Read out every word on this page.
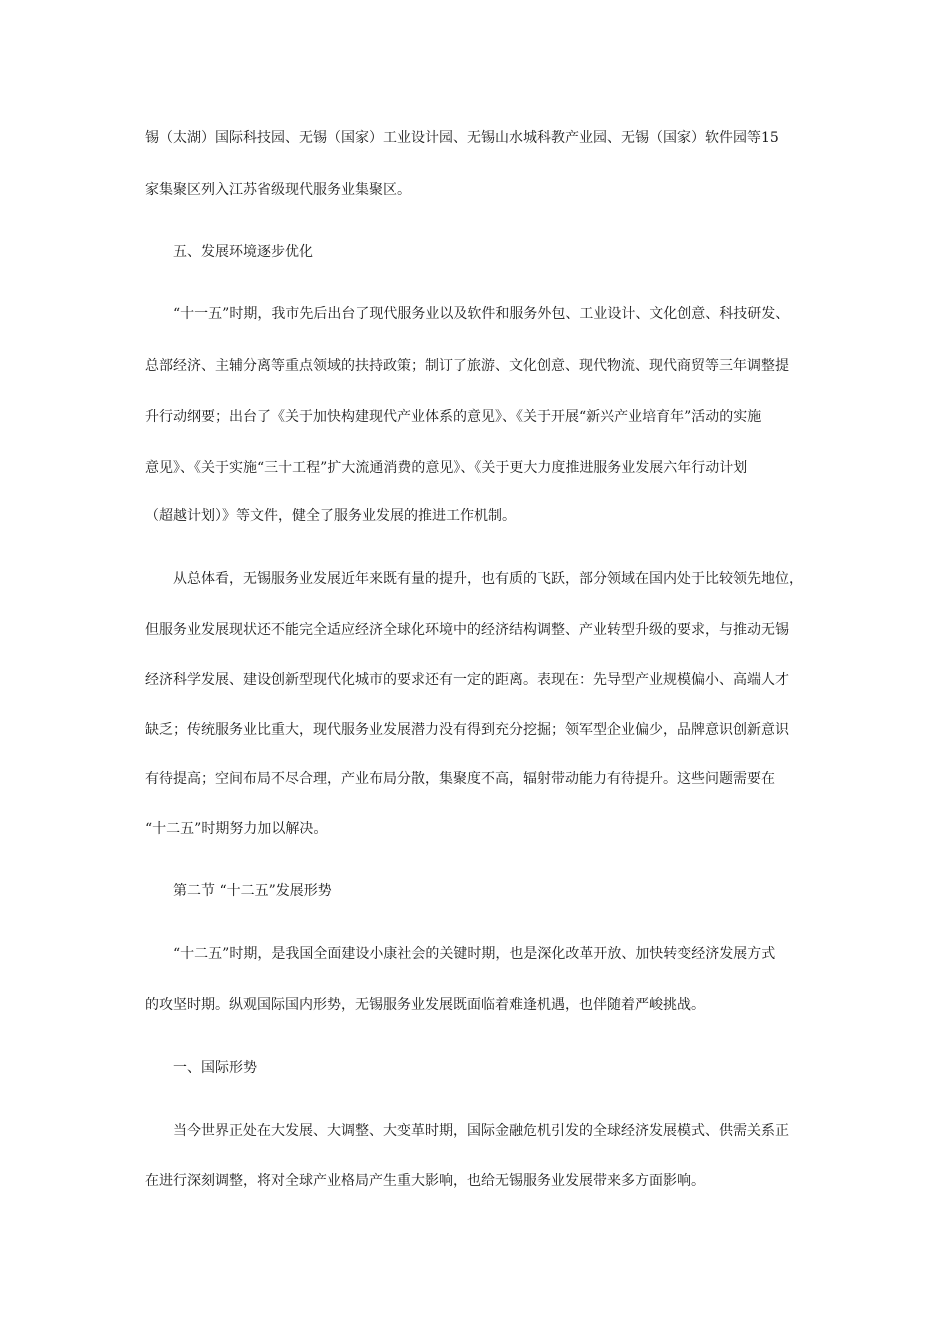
锡（太湖）国际科技园、无锡（国家）工业设计园、无锡山水城科教产业园、无锡（国家）软件园等15
家集聚区列入江苏省级现代服务业集聚区。
五、发展环境逐步优化
“十一五”时期，我市先后出台了现代服务业以及软件和服务外包、工业设计、文化创意、科技研发、
总部经济、主辅分离等重点领域的扶持政策；制订了旅游、文化创意、现代物流、现代商贸等三年调整提
升行动纲要；出台了《关于加快构建现代产业体系的意见》、《关于开展“新兴产业培育年”活动的实施
意见》、《关于实施“三十工程”扩大流通消费的意见》、《关于更大力度推进服务业发展六年行动计划
（超越计划）》等文件，健全了服务业发展的推进工作机制。
从总体看，无锡服务业发展近年来既有量的提升，也有质的飞跃，部分领域在国内处于比较领先地位，
但服务业发展现状还不能完全适应经济全球化环境中的经济结构调整、产业转型升级的要求，与推动无锡
经济科学发展、建设创新型现代化城市的要求还有一定的距离。表现在：先导型产业规模偏小、高端人才
缺乏；传统服务业比重大，现代服务业发展潜力没有得到充分挖掘；领军型企业偏少，品牌意识创新意识
有待提高；空间布局不尽合理，产业布局分散，集聚度不高，辐射带动能力有待提升。这些问题需要在
“十二五”时期努力加以解决。
第二节 “十二五”发展形势
“十二五”时期，是我国全面建设小康社会的关键时期，也是深化改革开放、加快转变经济发展方式
的攻坚时期。纵观国际国内形势，无锡服务业发展既面临着难逢机遇，也伴随着严峻挑战。
一、国际形势
当今世界正处在大发展、大调整、大变革时期，国际金融危机引发的全球经济发展模式、供需关系正
在进行深刻调整，将对全球产业格局产生重大影响，也给无锡服务业发展带来多方面影响。
